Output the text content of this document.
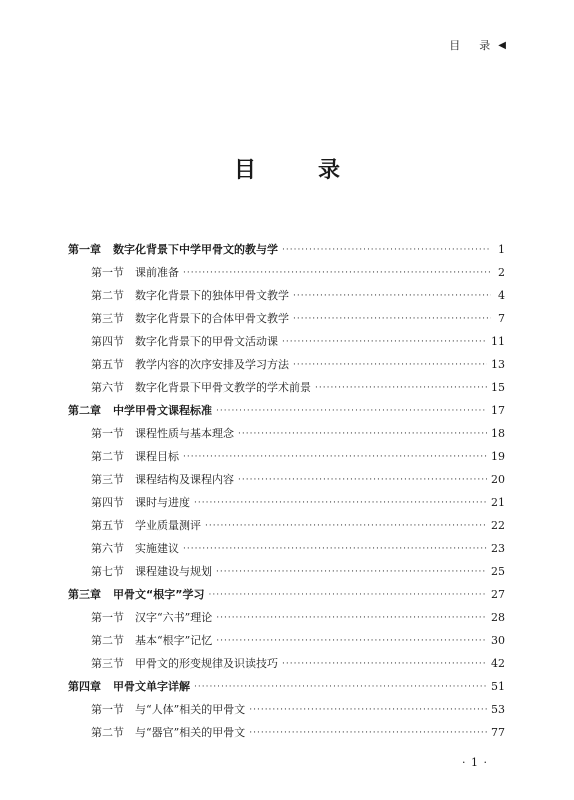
目　录 ◀
目　录
第一章 数字化背景下中学甲骨文的教与学 ·····	1
第一节 课前准备 ·····	2
第二节 数字化背景下的独体甲骨文教学 ·····	4
第三节 数字化背景下的合体甲骨文教学 ·····	7
第四节 数字化背景下的甲骨文活动课 ·····	11
第五节 教学内容的次序安排及学习方法 ·····	13
第六节 数字化背景下甲骨文教学的学术前景 ·····	15
第二章 中学甲骨文课程标准 ·····	17
第一节 课程性质与基本理念 ·····	18
第二节 课程目标 ·····	19
第三节 课程结构及课程内容 ·····	20
第四节 课时与进度 ·····	21
第五节 学业质量测评 ·····	22
第六节 实施建议 ·····	23
第七节 课程建设与规划 ·····	25
第三章 甲骨文“根字”学习 ·····	27
第一节 汉字“六书”理论 ·····	28
第二节 基本“根字”记忆 ·····	30
第三节 甲骨文的形变规律及识读技巧 ·····	42
第四章 甲骨文单字详解 ·····	51
第一节 与“人体”相关的甲骨文 ·····	53
第二节 与“器官”相关的甲骨文 ·····	77
· 1 ·
